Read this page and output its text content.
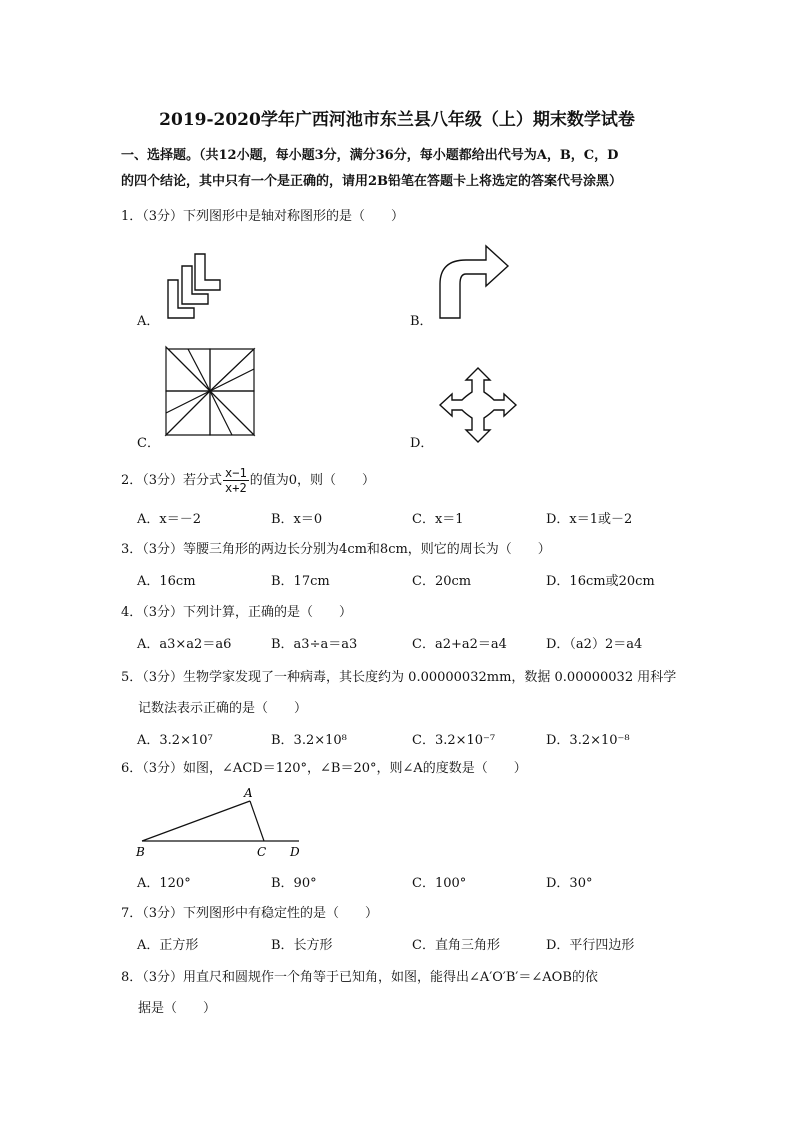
2019-2020学年广西河池市东兰县八年级（上）期末数学试卷
一、选择题。（共12小题，每小题3分，满分36分，每小题都给出代号为A，B，C，D
的四个结论，其中只有一个是正确的，请用2B铅笔在答题卡上将选定的答案代号涂黑）
1．（3分）下列图形中是轴对称图形的是（　　）
A．	B．
C．	D．
2．（3分）若分式 $\frac{x-1}{x+2}$ 的值为0，则（　　）
A．x＝－2	B．x＝0	C．x＝1	D．x＝1或－2
3．（3分）等腰三角形的两边长分别为4cm和8cm，则它的周长为（　　）
A．16cm	B．17cm	C．20cm	D．16cm或20cm
4．（3分）下列计算，正确的是（　　）
A．a3×a2＝a6	B．a3÷a＝a3	C．a2+a2＝a4	D．（a2）2＝a4
5．（3分）生物学家发现了一种病毒，其长度约为 0.00000032mm，数据 0.00000032 用科学
记数法表示正确的是（　　）
A．3.2×10⁷	B．3.2×10⁸	C．3.2×10⁻⁷	D．3.2×10⁻⁸
6．（3分）如图，∠ACD＝120°，∠B＝20°，则∠A的度数是（　　）
A
B	C D
A．120°	B．90°	C．100°	D．30°
7．（3分）下列图形中有稳定性的是（　　）
A．正方形	B．长方形	C．直角三角形	D．平行四边形
8．（3分）用直尺和圆规作一个角等于已知角，如图，能得出∠A′O′B′＝∠AOB的依
据是（　　）
